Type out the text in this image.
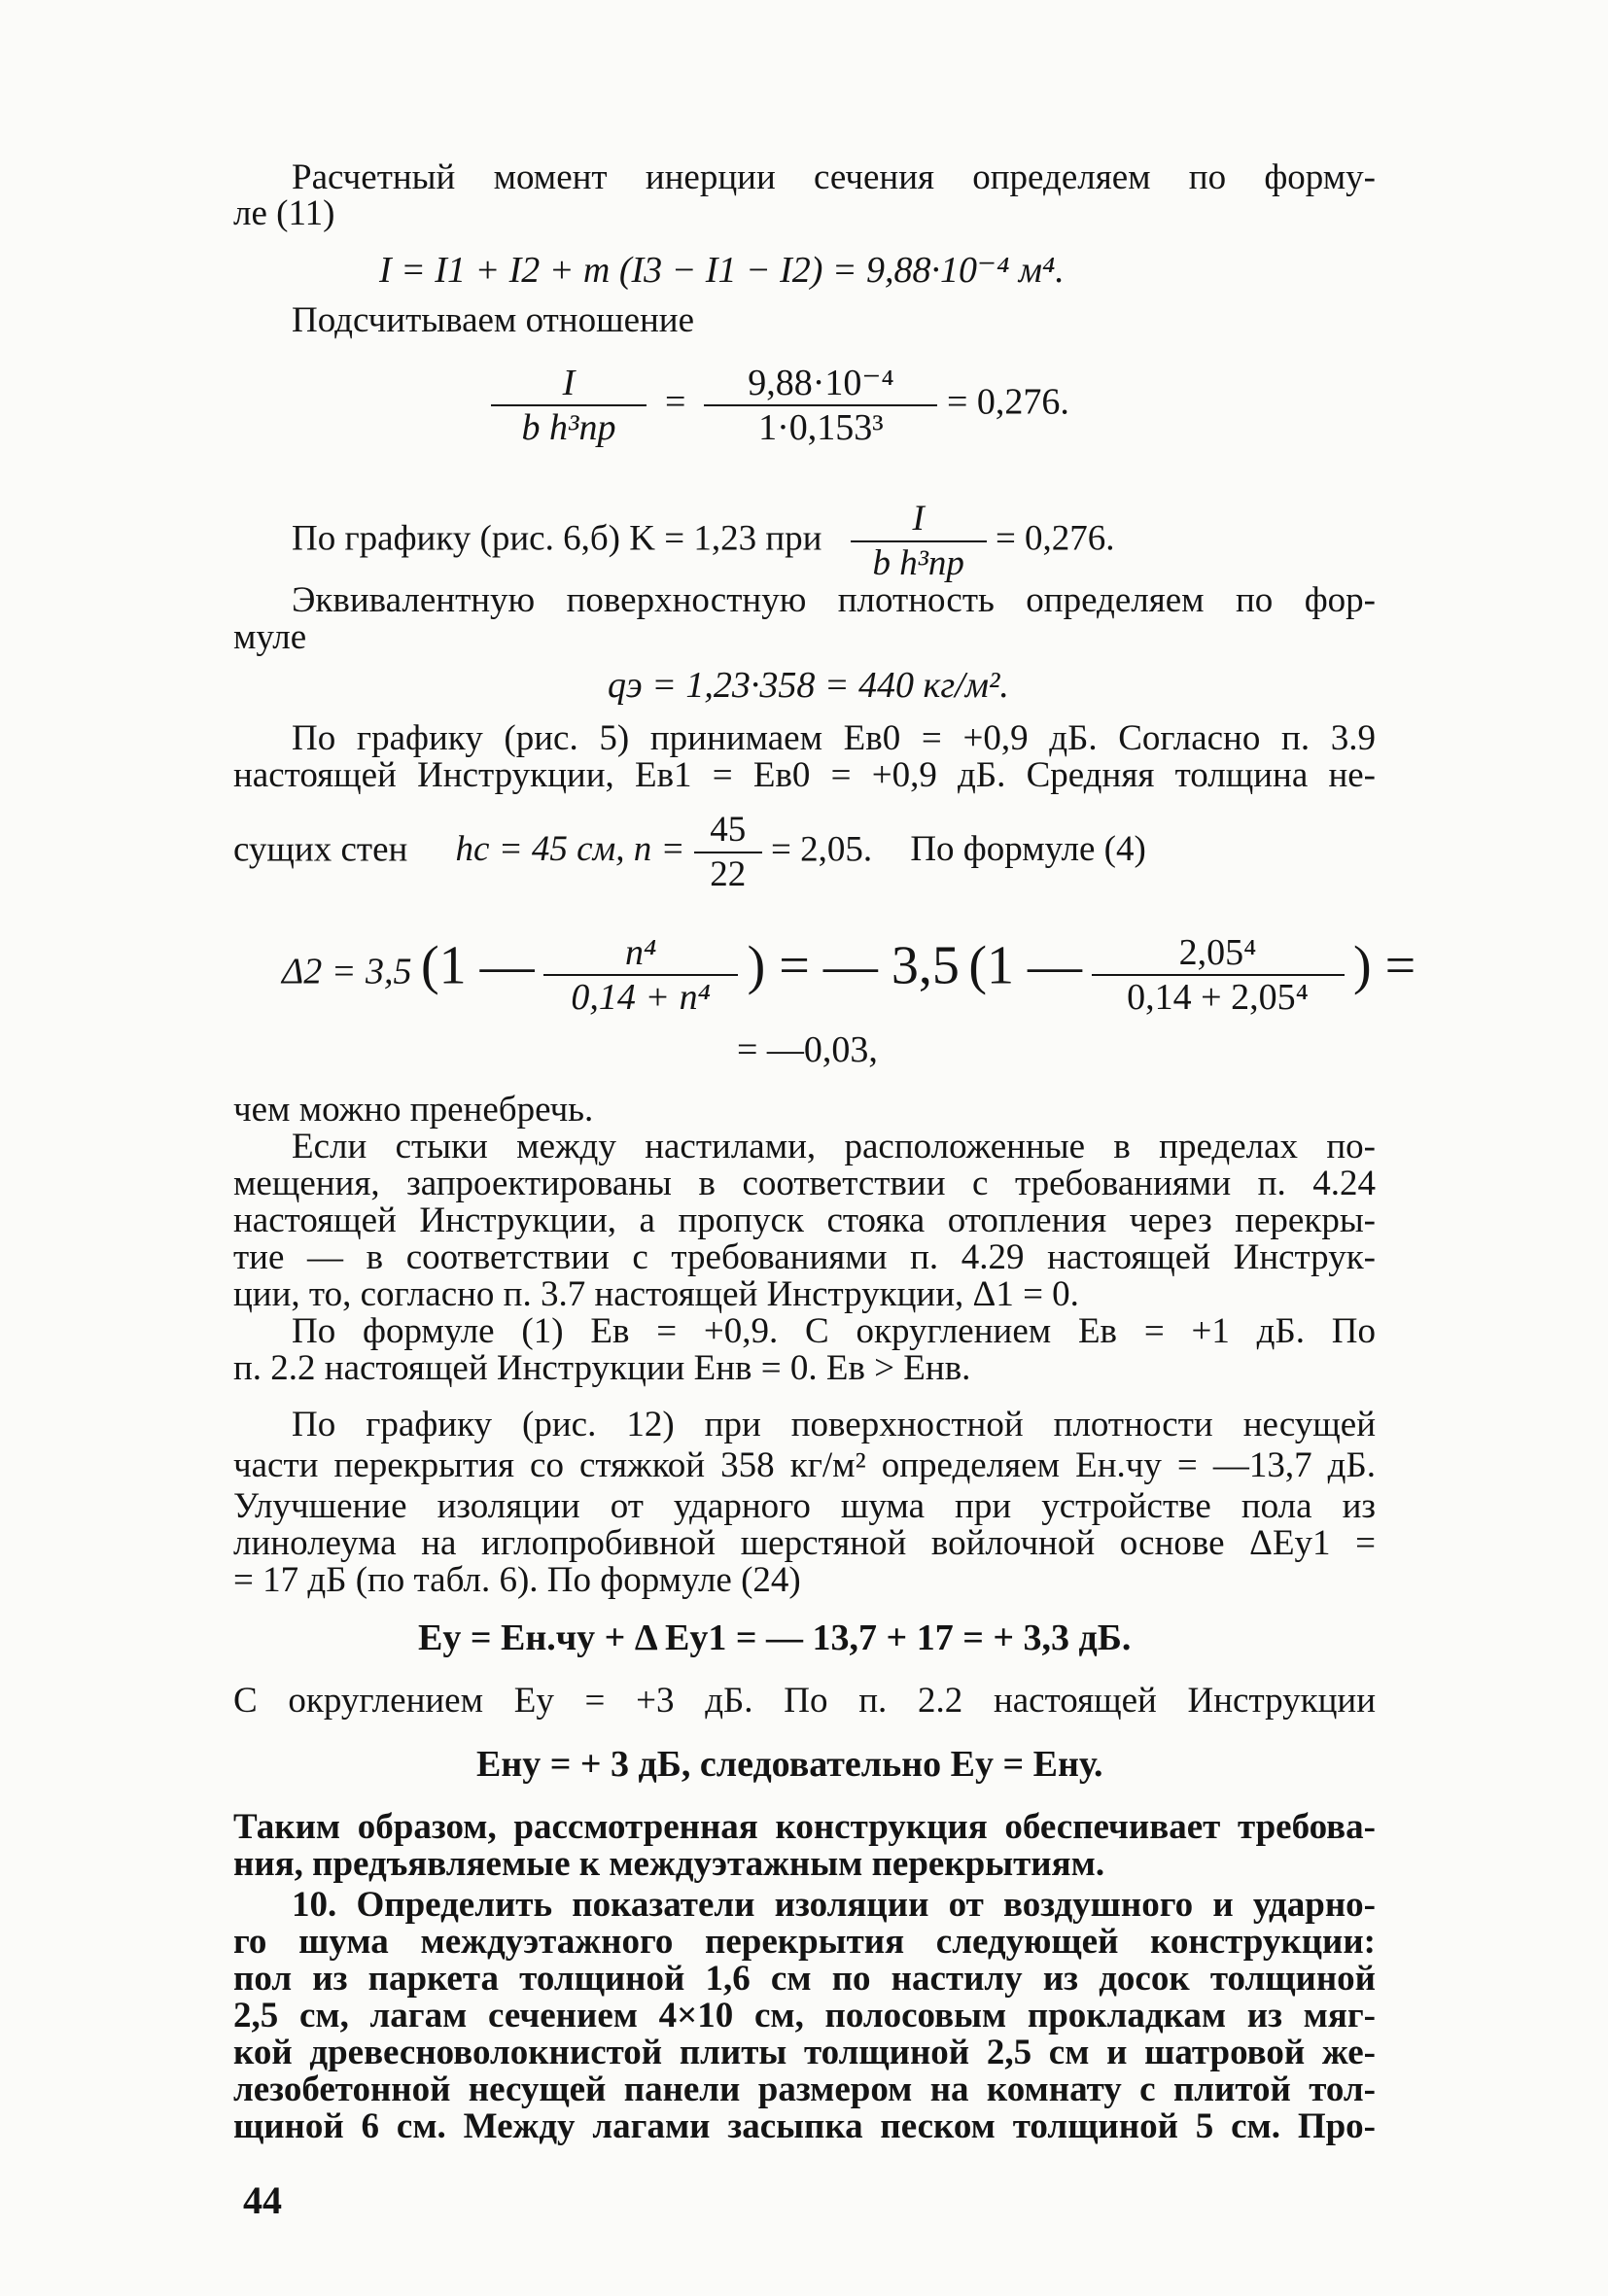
Расчетный момент инерции сечения определяем по форму-
ле (11)
I = I1 + I2 + m (I3 − I1 − I2) = 9,88·10⁻⁴ м⁴.
Подсчитываем отношение
$\frac{I}{\text{b h³пр}} = \frac{\text{9,88·10⁻⁴}}{\text{1·0,153³}} = 0,276$.
По графику (рис. 6,б) K = 1,23 при $\frac{I}{\text{b h³пр}} = 0,276$.
Эквивалентную поверхностную плотность определяем по фор-
муле
qэ = 1,23·358 = 440 кг/м².
По графику (рис. 5) принимаем Eв0 = +0,9 дБ. Согласно п. 3.9
настоящей Инструкции, Eв1 = Eв0 = +0,9 дБ. Средняя толщина не-
сущих стен hс = 45 см, $n = \frac{45}{22} = 2,05$. По формуле (4)
Δ2 = 3,5 (1 — $\frac{\text{n⁴}}{\text{0,14 + n⁴}}$ ) = — 3,5 (1 — $\frac{\text{2,05⁴}}{\text{0,14 + 2,05⁴}}$ ) =
= —0,03,
чем можно пренебречь.
Если стыки между настилами, расположенные в пределах по-
мещения, запроектированы в соответствии с требованиями п. 4.24
настоящей Инструкции, а пропуск стояка отопления через перекры-
тие — в соответствии с требованиями п. 4.29 настоящей Инструк-
ции, то, согласно п. 3.7 настоящей Инструкции, Δ1 = 0.
По формуле (1) Eв = +0,9. С округлением Eв = +1 дБ. По
п. 2.2 настоящей Инструкции Eнв = 0. Eв > Eнв.
По графику (рис. 12) при поверхностной плотности несущей
части перекрытия со стяжкой 358 кг/м² определяем Eн.чу = —13,7 дБ.
Улучшение изоляции от ударного шума при устройстве пола из
линолеума на иглопробивной шерстяной войлочной основе ΔEу1 =
= 17 дБ (по табл. 6). По формуле (24)
Eу = Eн.чу + Δ Eу1 = — 13,7 + 17 = + 3,3 дБ.
С округлением Eу = +3 дБ. По п. 2.2 настоящей Инструкции
Eну = + 3 дБ, следовательно Eу = Eну.
Таким образом, рассмотренная конструкция обеспечивает требова-
ния, предъявляемые к междуэтажным перекрытиям.
10. Определить показатели изоляции от воздушного и ударно-
го шума междуэтажного перекрытия следующей конструкции:
пол из паркета толщиной 1,6 см по настилу из досок толщиной
2,5 см, лагам сечением 4×10 см, полосовым прокладкам из мяг-
кой древесноволокнистой плиты толщиной 2,5 см и шатровой же-
лезобетонной несущей панели размером на комнату с плитой тол-
щиной 6 см. Между лагами засыпка песком толщиной 5 см. Про-
44
